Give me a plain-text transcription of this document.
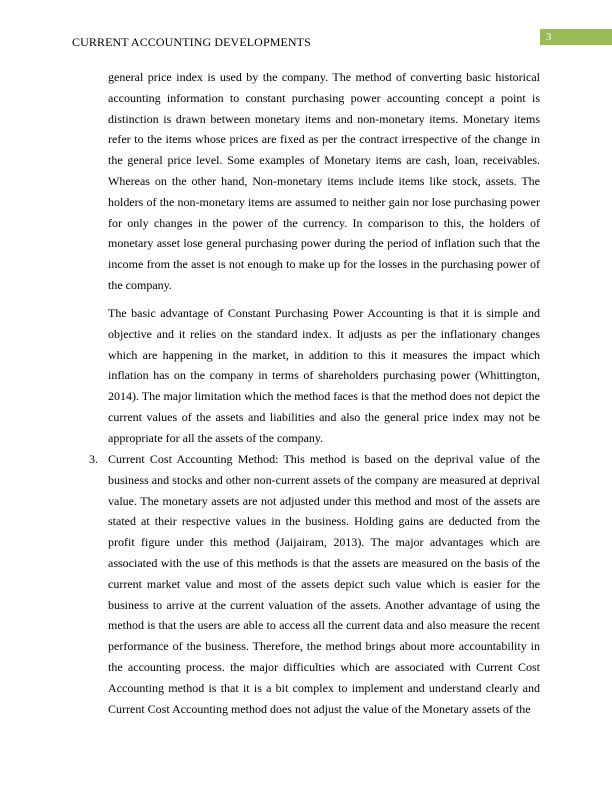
CURRENT ACCOUNTING DEVELOPMENTS	3

general price index is used by the company. The method of converting basic historical accounting information to constant purchasing power accounting concept a point is distinction is drawn between monetary items and non-monetary items. Monetary items refer to the items whose prices are fixed as per the contract irrespective of the change in the general price level. Some examples of Monetary items are cash, loan, receivables. Whereas on the other hand, Non-monetary items include items like stock, assets. The holders of the non-monetary items are assumed to neither gain nor lose purchasing power for only changes in the power of the currency. In comparison to this, the holders of monetary asset lose general purchasing power during the period of inflation such that the income from the asset is not enough to make up for the losses in the purchasing power of the company.

The basic advantage of Constant Purchasing Power Accounting is that it is simple and objective and it relies on the standard index. It adjusts as per the inflationary changes which are happening in the market, in addition to this it measures the impact which inflation has on the company in terms of shareholders purchasing power (Whittington, 2014). The major limitation which the method faces is that the method does not depict the current values of the assets and liabilities and also the general price index may not be appropriate for all the assets of the company.

3. Current Cost Accounting Method: This method is based on the deprival value of the business and stocks and other non-current assets of the company are measured at deprival value. The monetary assets are not adjusted under this method and most of the assets are stated at their respective values in the business. Holding gains are deducted from the profit figure under this method (Jaijairam, 2013). The major advantages which are associated with the use of this methods is that the assets are measured on the basis of the current market value and most of the assets depict such value which is easier for the business to arrive at the current valuation of the assets. Another advantage of using the method is that the users are able to access all the current data and also measure the recent performance of the business. Therefore, the method brings about more accountability in the accounting process. the major difficulties which are associated with Current Cost Accounting method is that it is a bit complex to implement and understand clearly and Current Cost Accounting method does not adjust the value of the Monetary assets of the
